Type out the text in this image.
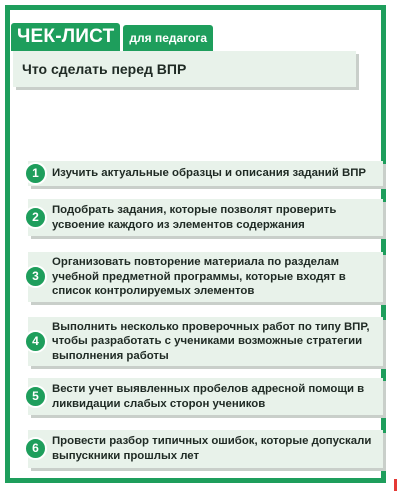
ЧЕК-ЛИСТ	для педагога
Что сделать перед ВПР
Изучить актуальные образцы и описания заданий ВПР
1
Подобрать задания, которые позволят проверить усвоение каждого из элементов содержания
2
Организовать повторение материала по разделам учебной предметной программы, которые входят в список контролируемых элементов
3
Выполнить несколько проверочных работ по типу ВПР, чтобы разработать с учениками возможные стратегии выполнения работы
4
Вести учет выявленных пробелов адресной помощи в ликвидации слабых сторон учеников
5
Провести разбор типичных ошибок, которые допускали выпускники прошлых лет
6
